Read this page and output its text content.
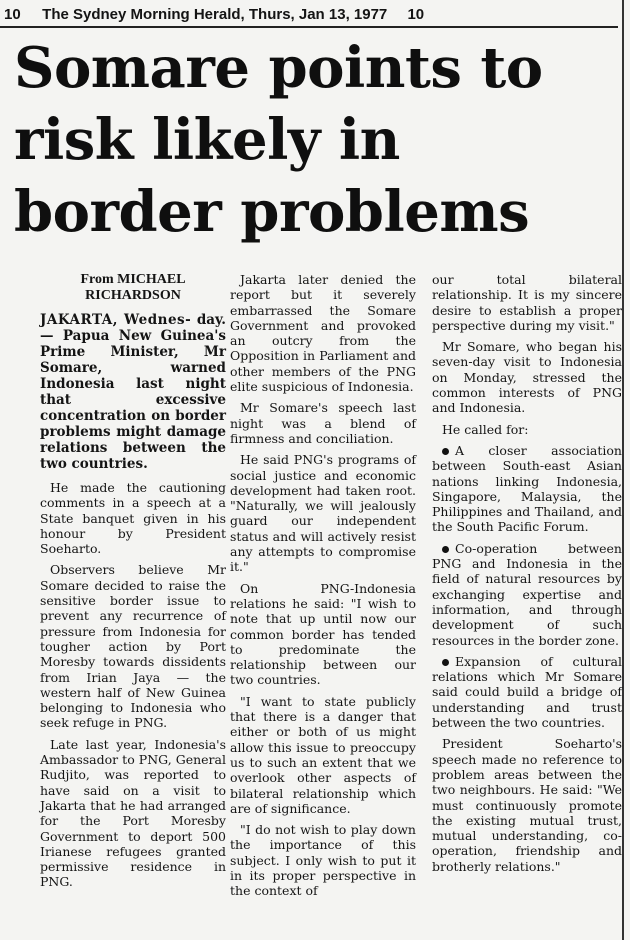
10 The Sydney Morning Herald, Thurs, Jan 13, 1977 10
Somare points to
risk likely in
border problems
From MICHAEL
RICHARDSON
JAKARTA, Wednes- day. — Papua New Guinea's Prime Minister, Mr Somare, warned Indonesia last night that excessive concentration on border problems might damage relations between the two countries.

He made the cautioning comments in a speech at a State banquet given in his honour by President Soeharto.

Observers believe Mr Somare decided to raise the sensitive border issue to prevent any recurrence of pressure from Indonesia for tougher action by Port Moresby towards dissidents from Irian Jaya — the western half of New Guinea belonging to Indonesia who seek refuge in PNG.

Late last year, Indonesia's Ambassador to PNG, General Rudjito, was reported to have said on a visit to Jakarta that he had arranged for the Port Moresby Government to deport 500 Irianese refugees granted permissive residence in PNG.

Jakarta later denied the report but it severely embarrassed the Somare Government and provoked an outcry from the Opposition in Parliament and other members of the PNG elite suspicious of Indonesia.

Mr Somare's speech last night was a blend of firmness and conciliation.

He said PNG's programs of social justice and economic development had taken root. "Naturally, we will jealously guard our independent status and will actively resist any attempts to compromise it."

On PNG-Indonesia relations he said: "I wish to note that up until now our common border has tended to predominate the relationship between our two countries.

"I want to state publicly that there is a danger that either or both of us might allow this issue to preoccupy us to such an extent that we overlook other aspects of bilateral relationship which are of significance.

"I do not wish to play down the importance of this subject. I only wish to put it in its proper perspective in the context of

our total bilateral relationship. It is my sincere desire to establish a proper perspective during my visit."

Mr Somare, who began his seven-day visit to Indonesia on Monday, stressed the common interests of PNG and Indonesia.

He called for:

A closer association between South-east Asian nations linking Indonesia, Singapore, Malaysia, the Philippines and Thailand, and the South Pacific Forum.

Co-operation between PNG and Indonesia in the field of natural resources by exchanging expertise and information, and through development of such resources in the border zone.

Expansion of cultural relations which Mr Somare said could build a bridge of understanding and trust between the two countries.

President Soeharto's speech made no reference to problem areas between the two neighbours. He said: "We must continuously promote the existing mutual trust, mutual understanding, co-operation, friendship and brotherly relations."
